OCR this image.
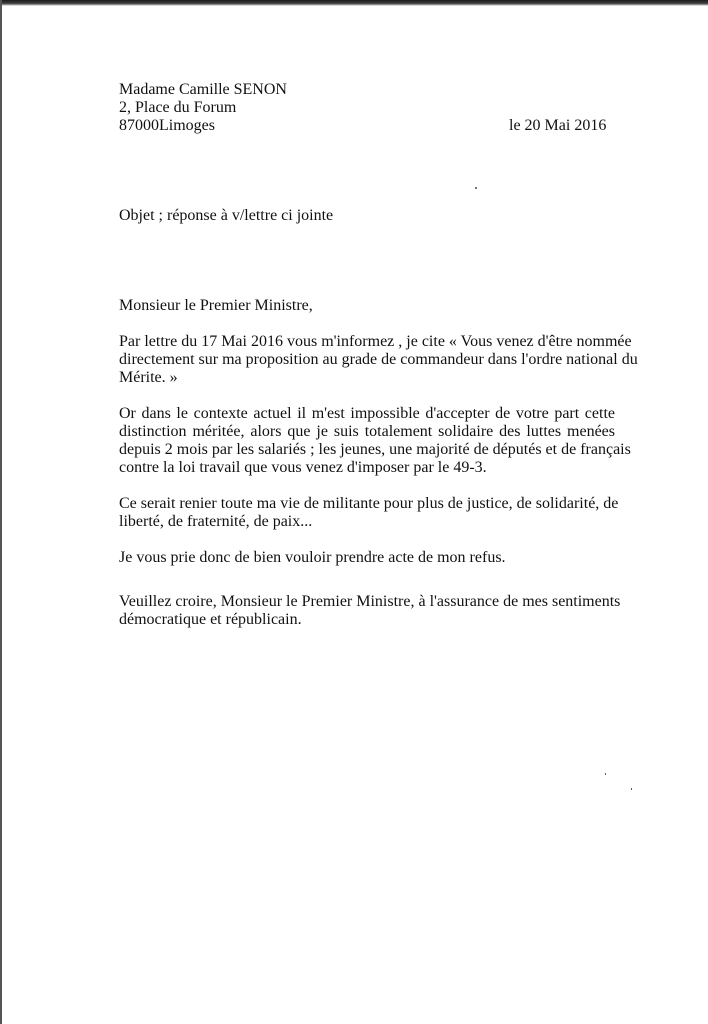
Madame Camille SENON
2, Place du Forum
87000Limoges	le 20 Mai 2016
Objet ; réponse à v/lettre ci jointe
Monsieur le Premier Ministre,
Par lettre du 17 Mai 2016 vous m'informez , je cite « Vous venez d'être nommée
directement sur ma proposition au grade de commandeur dans l'ordre national du
Mérite. »
Or dans le contexte actuel il m'est impossible d'accepter de votre part cette
distinction méritée, alors que je suis totalement solidaire des luttes menées
depuis 2 mois par les salariés ; les jeunes, une majorité de députés et de français
contre la loi travail que vous venez d'imposer par le 49-3.
Ce serait renier toute ma vie de militante pour plus de justice, de solidarité, de
liberté, de fraternité, de paix...
Je vous prie donc de bien vouloir prendre acte de mon refus.
Veuillez croire, Monsieur le Premier Ministre, à l'assurance de mes sentiments
démocratique et républicain.
